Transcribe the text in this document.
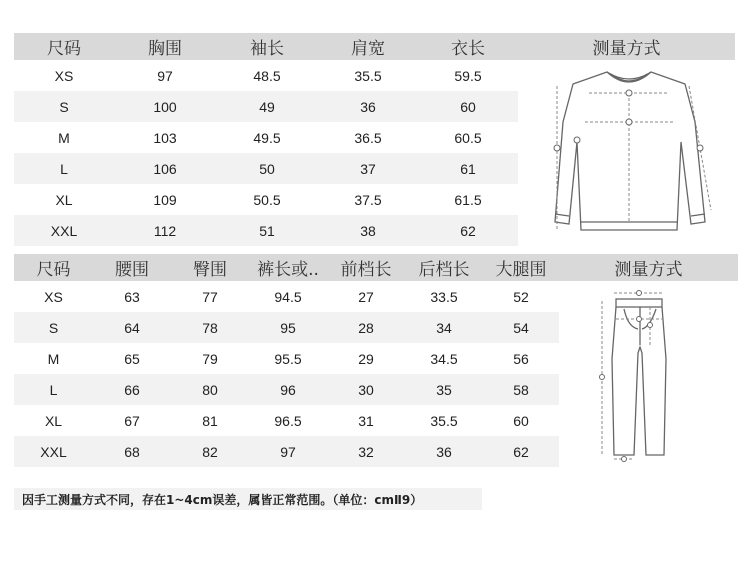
尺码	胸围	袖长	肩宽	衣长	测量方式
XS	97	48.5	35.5	59.5
S	100	49	36	60
M	103	49.5	36.5	60.5
L	106	50	37	61
XL	109	50.5	37.5	61.5
XXL	112	51	38	62
尺码	腰围	臀围	裤长或..	前档长	后档长	大腿围	测量方式
XS	63	77	94.5	27	33.5	52
S	64	78	95	28	34	54
M	65	79	95.5	29	34.5	56
L	66	80	96	30	35	58
XL	67	81	96.5	31	35.5	60
XXL	68	82	97	32	36	62
因手工测量方式不同，存在1~4cm误差，属皆正常范围。（单位：cmⅡ9）
